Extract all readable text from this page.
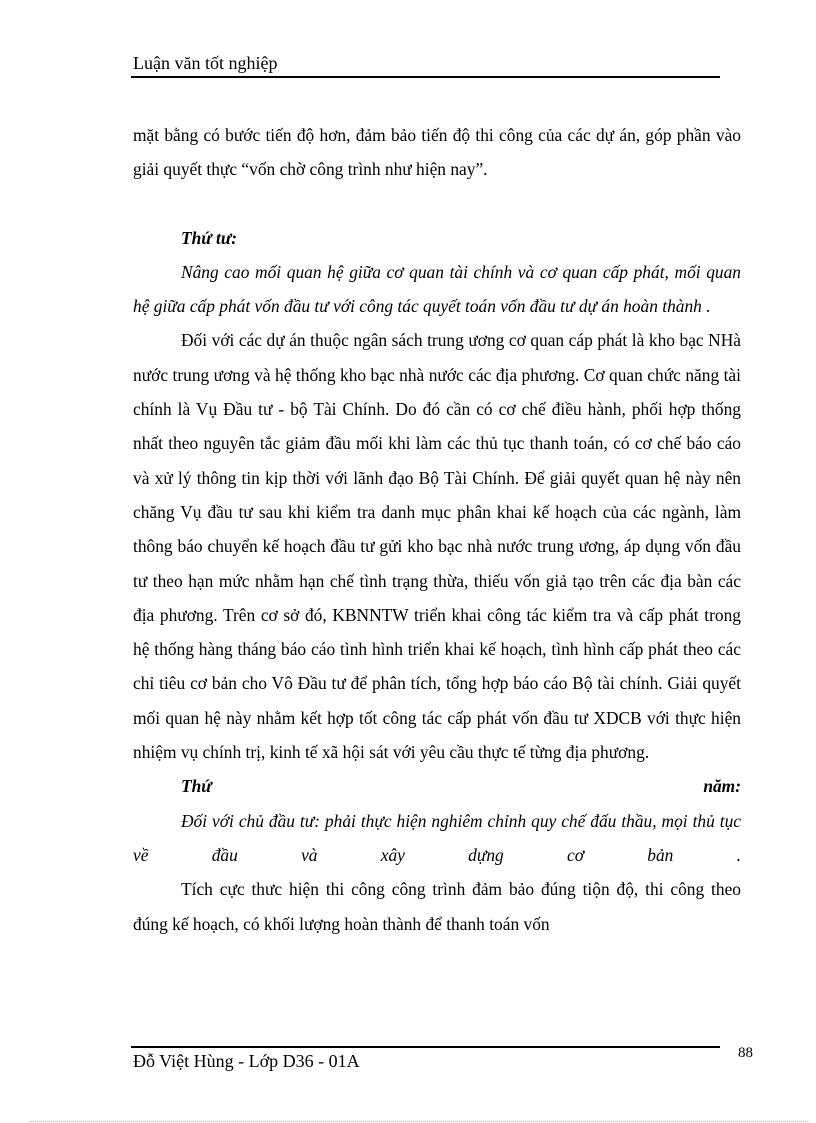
Luận văn tốt nghiệp

mặt bằng có bước tiến độ hơn, đảm bảo tiến độ thi công của các dự án, góp phần vào giải quyết thực “vốn chờ công trình như hiện nay”.

Thứ tư:

Nâng cao mối quan hệ giữa cơ quan tài chính và cơ quan cấp phát, mối quan hệ giữa cấp phát vốn đầu tư với công tác quyết toán vốn đầu tư dự án hoàn thành .

Đối với các dự án thuộc ngân sách trung ương cơ quan cáp phát là kho bạc NHà nước trung ương và hệ thống kho bạc nhà nước các địa phương. Cơ quan chức năng tài chính là Vụ Đầu tư - bộ Tài Chính. Do đó cần có cơ chế điều hành, phối hợp thống nhất theo nguyên tắc giảm đầu mối khi làm các thủ tục thanh toán, có cơ chế báo cáo và xử lý thông tin kịp thời với lãnh đạo Bộ Tài Chính. Để giải quyết quan hệ này nên chăng Vụ đầu tư sau khi kiểm tra danh mục phân khai kế hoạch của các ngành, làm thông báo chuyển kế hoạch đầu tư gửi kho bạc nhà nước trung ương, áp dụng vốn đầu tư theo hạn mức nhằm hạn chế tình trạng thừa, thiếu vốn giả tạo trên các địa bàn các địa phương. Trên cơ sở đó, KBNNTW triển khai công tác kiểm tra và cấp phát trong hệ thống hàng tháng báo cáo tình hình triển khai kế hoạch, tình hình cấp phát theo các chỉ tiêu cơ bản cho Vô Đầu tư để phân tích, tổng hợp báo cáo Bộ tài chính. Giải quyết mối quan hệ này nhằm kết hợp tốt công tác cấp phát vốn đầu tư XDCB với thực hiện nhiệm vụ chính trị, kinh tế xã hội sát với yêu cầu thực tế từng địa phương.

Thứ	năm:

Đối với chủ đầu tư: phải thực hiện nghiêm chỉnh quy chế đấu thầu, mọi thủ tục về đầu và xây dựng cơ bản .

Tích cực thưc hiện thi công công trình đảm bảo đúng tiộn độ, thi công theo đúng kế hoạch, có khối lượng hoàn thành để thanh toán vốn

Đỗ Việt Hùng - Lớp D36 - 01A	88
